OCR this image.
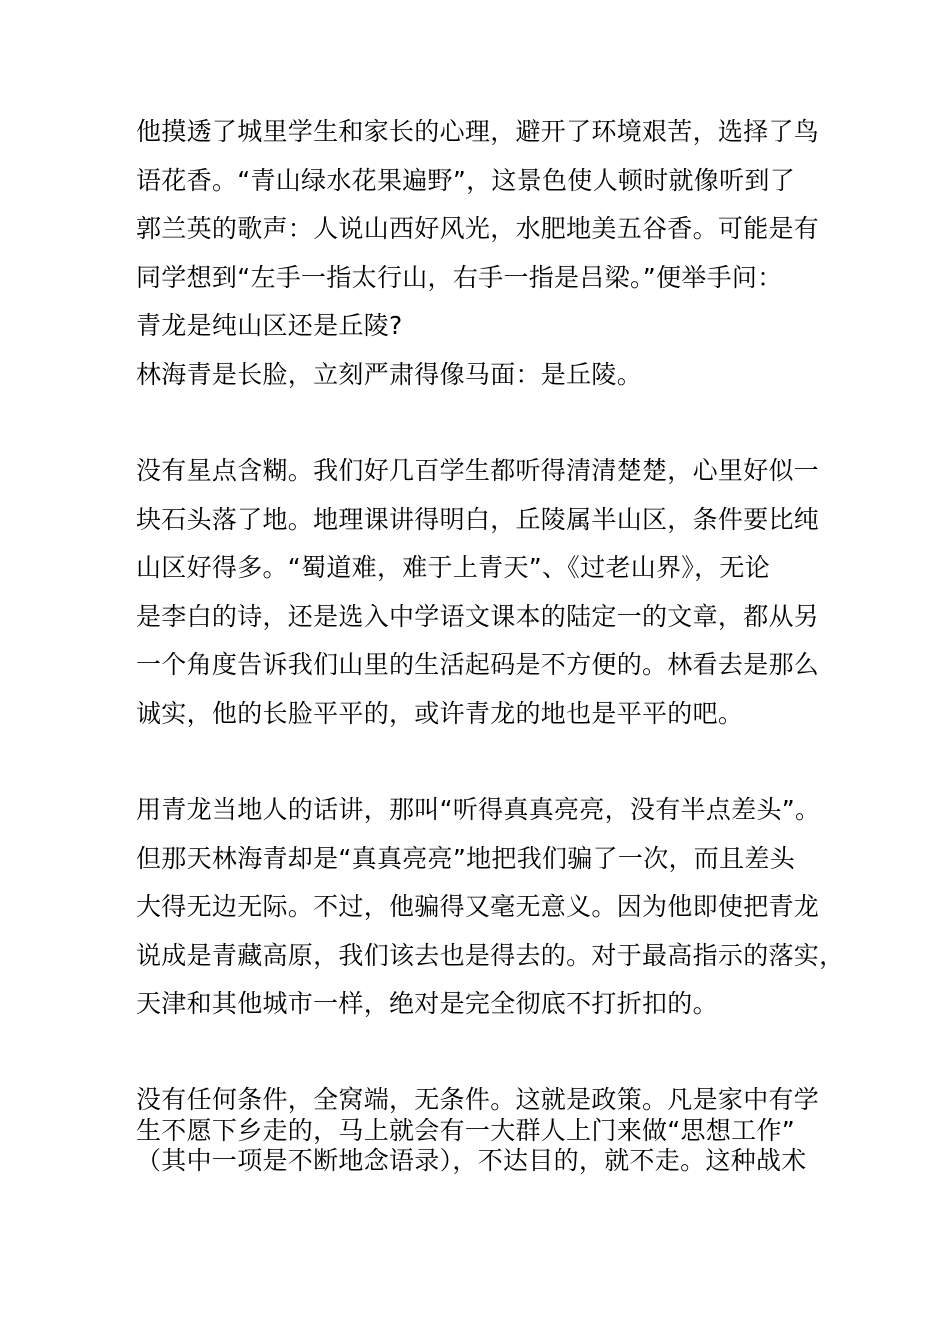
他摸透了城里学生和家长的心理，避开了环境艰苦，选择了鸟
语花香。“青山绿水花果遍野”，这景色使人顿时就像听到了
郭兰英的歌声：人说山西好风光，水肥地美五谷香。可能是有
同学想到“左手一指太行山，右手一指是吕梁。”便举手问：
青龙是纯山区还是丘陵?
林海青是长脸，立刻严肃得像马面：是丘陵。
没有星点含糊。我们好几百学生都听得清清楚楚，心里好似一
块石头落了地。地理课讲得明白，丘陵属半山区，条件要比纯
山区好得多。“蜀道难，难于上青天”、《过老山界》，无论
是李白的诗，还是选入中学语文课本的陆定一的文章，都从另
一个角度告诉我们山里的生活起码是不方便的。林看去是那么
诚实，他的长脸平平的，或许青龙的地也是平平的吧。
用青龙当地人的话讲，那叫“听得真真亮亮，没有半点差头”。
但那天林海青却是“真真亮亮”地把我们骗了一次，而且差头
大得无边无际。不过，他骗得又毫无意义。因为他即使把青龙
说成是青藏高原，我们该去也是得去的。对于最高指示的落实，
天津和其他城市一样，绝对是完全彻底不打折扣的。
没有任何条件，全窝端，无条件。这就是政策。凡是家中有学
生不愿下乡走的，马上就会有一大群人上门来做“思想工作”
（其中一项是不断地念语录），不达目的，就不走。这种战术
